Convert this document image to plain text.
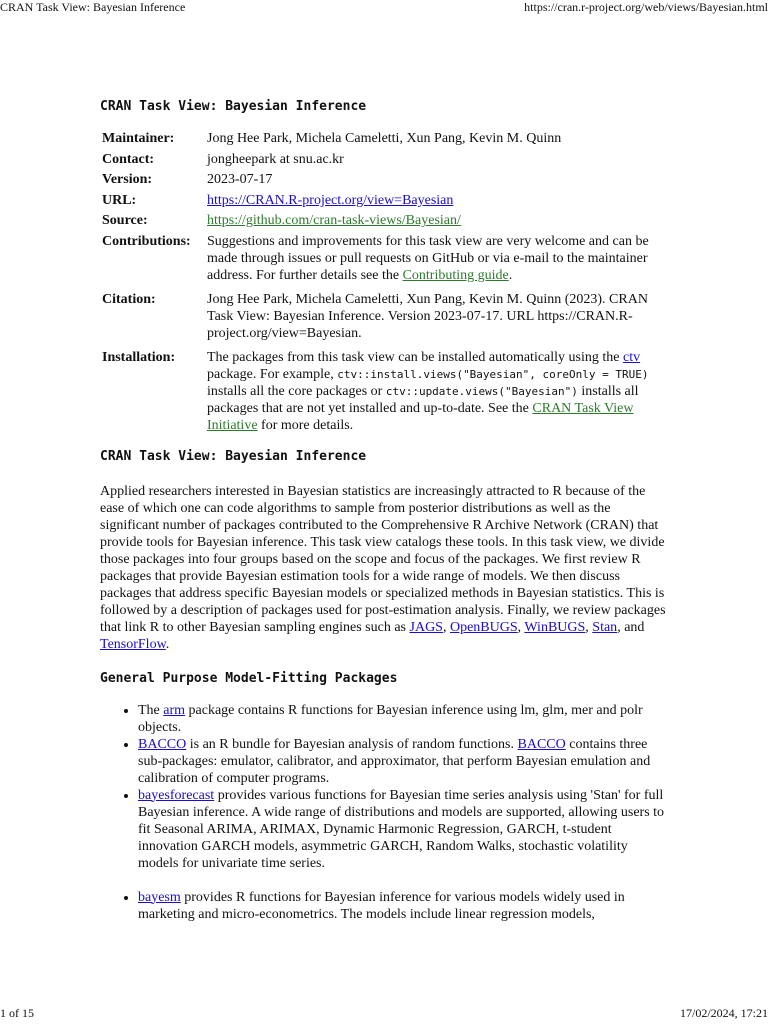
CRAN Task View: Bayesian Inference	https://cran.r-project.org/web/views/Bayesian.html
CRAN Task View: Bayesian Inference
Maintainer:	Jong Hee Park, Michela Cameletti, Xun Pang, Kevin M. Quinn
Contact:	jongheepark at snu.ac.kr
Version:	2023-07-17
URL:	https://CRAN.R-project.org/view=Bayesian
Source:	https://github.com/cran-task-views/Bayesian/
Contributions:	Suggestions and improvements for this task view are very welcome and can be made through issues or pull requests on GitHub or via e-mail to the maintainer address. For further details see the Contributing guide.
Citation:	Jong Hee Park, Michela Cameletti, Xun Pang, Kevin M. Quinn (2023). CRAN Task View: Bayesian Inference. Version 2023-07-17. URL https://CRAN.R-project.org/view=Bayesian.
Installation:	The packages from this task view can be installed automatically using the ctv package. For example, ctv::install.views("Bayesian", coreOnly = TRUE) installs all the core packages or ctv::update.views("Bayesian") installs all packages that are not yet installed and up-to-date. See the CRAN Task View Initiative for more details.
CRAN Task View: Bayesian Inference

Applied researchers interested in Bayesian statistics are increasingly attracted to R because of the ease of which one can code algorithms to sample from posterior distributions as well as the significant number of packages contributed to the Comprehensive R Archive Network (CRAN) that provide tools for Bayesian inference. This task view catalogs these tools. In this task view, we divide those packages into four groups based on the scope and focus of the packages. We first review R packages that provide Bayesian estimation tools for a wide range of models. We then discuss packages that address specific Bayesian models or specialized methods in Bayesian statistics. This is followed by a description of packages used for post-estimation analysis. Finally, we review packages that link R to other Bayesian sampling engines such as JAGS, OpenBUGS, WinBUGS, Stan, and TensorFlow.

General Purpose Model-Fitting Packages
• The arm package contains R functions for Bayesian inference using lm, glm, mer and polr objects.
• BACCO is an R bundle for Bayesian analysis of random functions. BACCO contains three sub-packages: emulator, calibrator, and approximator, that perform Bayesian emulation and calibration of computer programs.
• bayesforecast provides various functions for Bayesian time series analysis using 'Stan' for full Bayesian inference. A wide range of distributions and models are supported, allowing users to fit Seasonal ARIMA, ARIMAX, Dynamic Harmonic Regression, GARCH, t-student innovation GARCH models, asymmetric GARCH, Random Walks, stochastic volatility models for univariate time series.
• bayesm provides R functions for Bayesian inference for various models widely used in marketing and micro-econometrics. The models include linear regression models,
1 of 15	17/02/2024, 17:21
